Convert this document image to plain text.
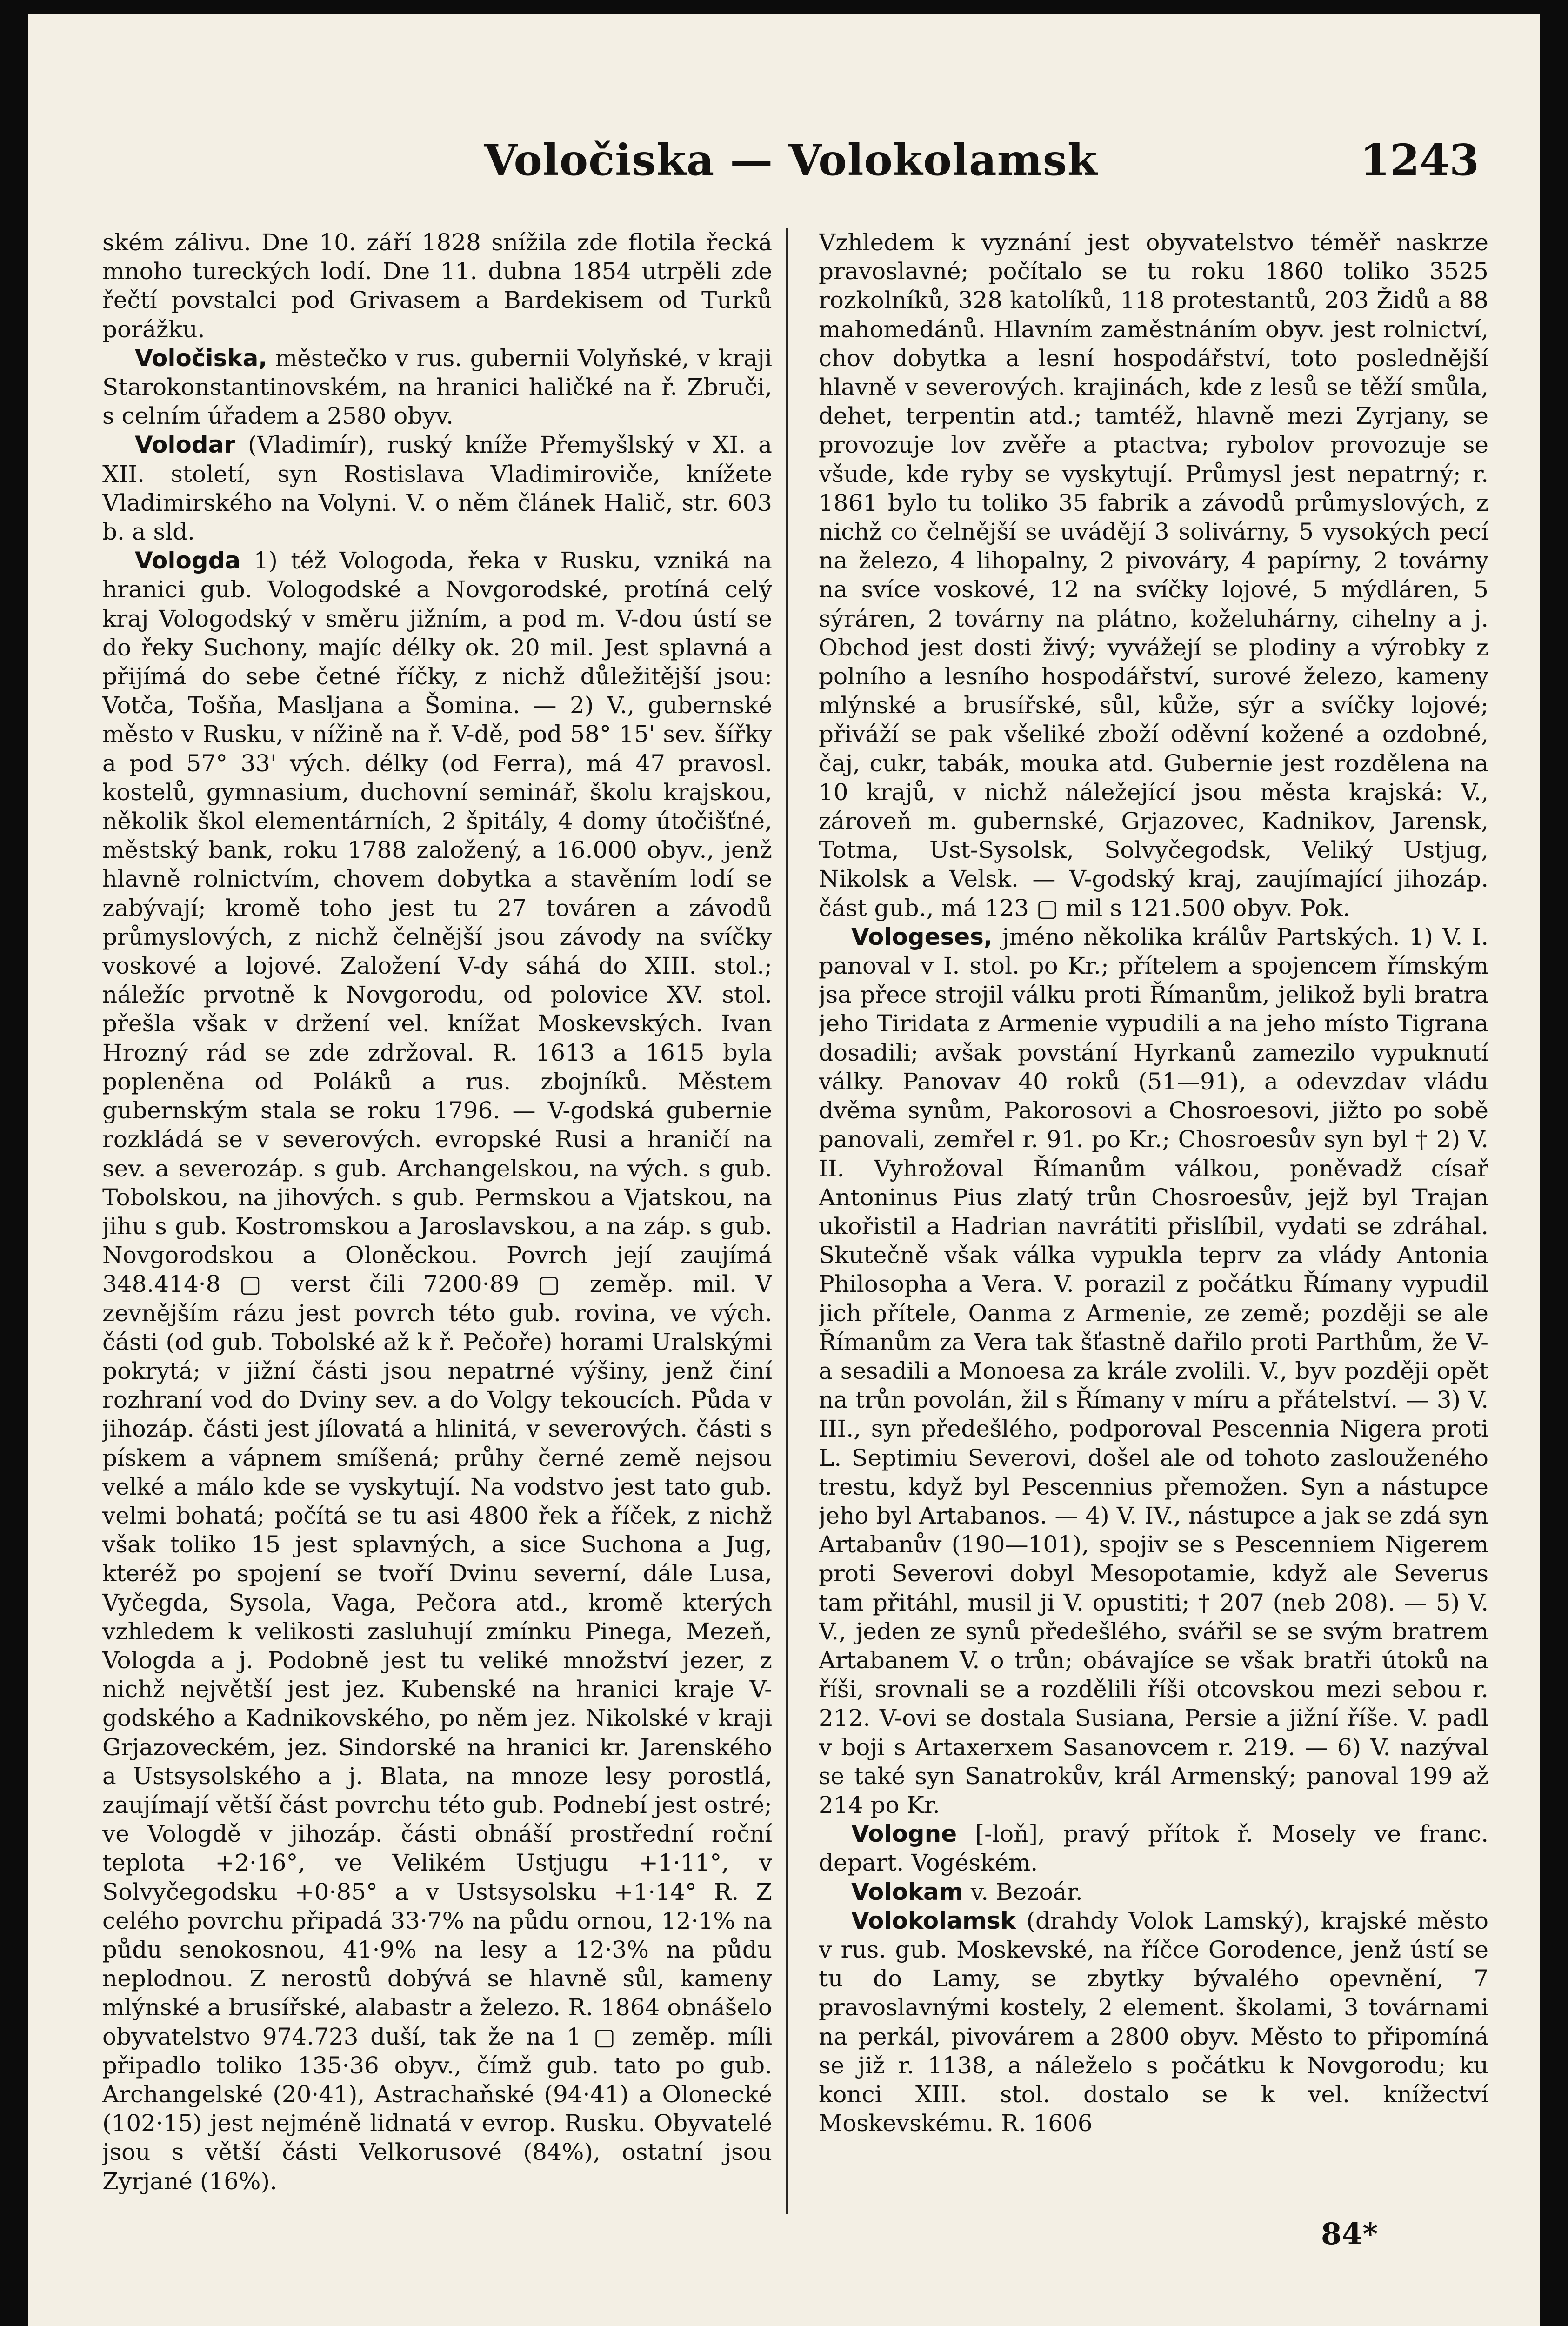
Voločiska — Volokolamsk	1243

ském zálivu. Dne 10. září 1828 snížila zde flotila řecká mnoho tureckých lodí. Dne 11. dubna 1854 utrpěli zde řečtí povstalci pod Grivasem a Bardekisem od Turků porážku.

Voločiska, městečko v rus. gubernii Volyňské, v kraji Starokonstantinovském, na hranici haličké na ř. Zbruči, s celním úřadem a 2580 obyv.

Volodar (Vladimír), ruský kníže Přemyšlský v XI. a XII. století, syn Rostislava Vladimiroviče, knížete Vladimirského na Volyni. V. o něm článek Halič, str. 603 b. a sld.

Vologda 1) též Vologoda, řeka v Rusku, vzniká na hranici gub. Vologodské a Novgorodské, protíná celý kraj Vologodský v směru jižním, a pod m. V-dou ústí se do řeky Suchony, majíc délky ok. 20 mil. Jest splavná a přijímá do sebe četné říčky, z nichž důležitější jsou: Votča, Tošňa, Masljana a Šomina. — 2) V., gubernské město v Rusku, v nížině na ř. V-dě, pod 58° 15' sev. šířky a pod 57° 33' vých. délky (od Ferra), má 47 pravosl. kostelů, gymnasium, duchovní seminář, školu krajskou, několik škol elementárních, 2 špitály, 4 domy útočišťné, městský bank, roku 1788 založený, a 16.000 obyv., jenž hlavně rolnictvím, chovem dobytka a stavěním lodí se zabývají; kromě toho jest tu 27 továren a závodů průmyslových, z nichž čelnější jsou závody na svíčky voskové a lojové. Založení V-dy sáhá do XIII. stol.; náležíc prvotně k Novgorodu, od polovice XV. stol. přešla však v držení vel. knížat Moskevských. Ivan Hrozný rád se zde zdržoval. R. 1613 a 1615 byla popleněna od Poláků a rus. zbojníků. Městem gubernským stala se roku 1796. — V-godská gubernie rozkládá se v severových. evropské Rusi a hraničí na sev. a severozáp. s gub. Archangelskou, na vých. s gub. Tobolskou, na jihových. s gub. Permskou a Vjatskou, na jihu s gub. Kostromskou a Jaroslavskou, a na záp. s gub. Novgorodskou a Oloněckou. Povrch její zaujímá 348.414·8 ▢ verst čili 7200·89 ▢ zeměp. mil. V zevnějším rázu jest povrch této gub. rovina, ve vých. části (od gub. Tobolské až k ř. Pečoře) horami Uralskými pokrytá; v jižní části jsou nepatrné výšiny, jenž činí rozhraní vod do Dviny sev. a do Volgy tekoucích. Půda v jihozáp. části jest jílovatá a hlinitá, v severových. části s pískem a vápnem smíšená; průhy černé země nejsou velké a málo kde se vyskytují. Na vodstvo jest tato gub. velmi bohatá; počítá se tu asi 4800 řek a říček, z nichž však toliko 15 jest splavných, a sice Suchona a Jug, kteréž po spojení se tvoří Dvinu severní, dále Lusa, Vyčegda, Sysola, Vaga, Pečora atd., kromě kterých vzhledem k velikosti zasluhují zmínku Pinega, Mezeň, Vologda a j. Podobně jest tu veliké množství jezer, z nichž největší jest jez. Kubenské na hranici kraje V-godského a Kadnikovského, po něm jez. Nikolské v kraji Grjazoveckém, jez. Sindorské na hranici kr. Jarenského a Ustsysolského a j. Blata, na mnoze lesy porostlá, zaujímají větší část povrchu této gub. Podnebí jest ostré; ve Vologdě v jihozáp. části obnáší prostřední roční teplota +2·16°, ve Velikém Ustjugu +1·11°, v Solvyčegodsku +0·85° a v Ustsysolsku +1·14° R. Z celého povrchu připadá 33·7% na půdu ornou, 12·1% na půdu senokosnou, 41·9% na lesy a 12·3% na půdu neplodnou. Z nerostů dobývá se hlavně sůl, kameny mlýnské a brusířské, alabastr a železo. R. 1864 obnášelo obyvatelstvo 974.723 duší, tak že na 1 ▢ zeměp. míli připadlo toliko 135·36 obyv., čímž gub. tato po gub. Archangelské (20·41), Astrachaňské (94·41) a Olonecké (102·15) jest nejméně lidnatá v evrop. Rusku. Obyvatelé jsou s větší části Velkorusové (84%), ostatní jsou Zyrjané (16%).

Vzhledem k vyznání jest obyvatelstvo téměř naskrze pravoslavné; počítalo se tu roku 1860 toliko 3525 rozkolníků, 328 katolíků, 118 protestantů, 203 Židů a 88 mahomedánů. Hlavním zaměstnáním obyv. jest rolnictví, chov dobytka a lesní hospodářství, toto poslednější hlavně v severových. krajinách, kde z lesů se těží smůla, dehet, terpentin atd.; tamtéž, hlavně mezi Zyrjany, se provozuje lov zvěře a ptactva; rybolov provozuje se všude, kde ryby se vyskytují. Průmysl jest nepatrný; r. 1861 bylo tu toliko 35 fabrik a závodů průmyslových, z nichž co čelnější se uvádějí 3 solivárny, 5 vysokých pecí na železo, 4 lihopalny, 2 pivováry, 4 papírny, 2 továrny na svíce voskové, 12 na svíčky lojové, 5 mýdláren, 5 sýráren, 2 továrny na plátno, koželuhárny, cihelny a j. Obchod jest dosti živý; vyvážejí se plodiny a výrobky z polního a lesního hospodářství, surové železo, kameny mlýnské a brusířské, sůl, kůže, sýr a svíčky lojové; přiváží se pak všeliké zboží oděvní kožené a ozdobné, čaj, cukr, tabák, mouka atd. Gubernie jest rozdělena na 10 krajů, v nichž náležející jsou města krajská: V., zároveň m. gubernské, Grjazovec, Kadnikov, Jarensk, Totma, Ust-Sysolsk, Solvyčegodsk, Veliký Ustjug, Nikolsk a Velsk. — V-godský kraj, zaujímající jihozáp. část gub., má 123 ▢ mil s 121.500 obyv. Pok.

Vologeses, jméno několika králův Partských. 1) V. I. panoval v I. stol. po Kr.; přítelem a spojencem římským jsa přece strojil válku proti Římanům, jelikož byli bratra jeho Tiridata z Armenie vypudili a na jeho místo Tigrana dosadili; avšak povstání Hyrkanů zamezilo vypuknutí války. Panovav 40 roků (51—91), a odevzdav vládu dvěma synům, Pakorosovi a Chosroesovi, jižto po sobě panovali, zemřel r. 91. po Kr.; Chosroesův syn byl † 2) V. II. Vyhrožoval Římanům válkou, poněvadž císař Antoninus Pius zlatý trůn Chosroesův, jejž byl Trajan ukořistil a Hadrian navrátiti přislíbil, vydati se zdráhal. Skutečně však válka vypukla teprv za vlády Antonia Philosopha a Vera. V. porazil z počátku Římany vypudil jich přítele, Oanma z Armenie, ze země; později se ale Římanům za Vera tak šťastně dařilo proti Parthům, že V-a sesadili a Monoesa za krále zvolili. V., byv později opět na trůn povolán, žil s Římany v míru a přátelství. — 3) V. III., syn předešlého, podporoval Pescennia Nigera proti L. Septimiu Severovi, došel ale od tohoto zaslouženého trestu, když byl Pescennius přemožen. Syn a nástupce jeho byl Artabanos. — 4) V. IV., nástupce a jak se zdá syn Artabanův (190—101), spojiv se s Pescenniem Nigerem proti Severovi dobyl Mesopotamie, když ale Severus tam přitáhl, musil ji V. opustiti; † 207 (neb 208). — 5) V. V., jeden ze synů předešlého, svářil se se svým bratrem Artabanem V. o trůn; obávajíce se však bratři útoků na říši, srovnali se a rozdělili říši otcovskou mezi sebou r. 212. V-ovi se dostala Susiana, Persie a jižní říše. V. padl v boji s Artaxerxem Sasanovcem r. 219. — 6) V. nazýval se také syn Sanatrokův, král Armenský; panoval 199 až 214 po Kr.

Vologne [-loň], pravý přítok ř. Mosely ve franc. depart. Vogéském.

Volokam v. Bezoár.

Volokolamsk (drahdy Volok Lamský), krajské město v rus. gub. Moskevské, na říčce Gorodence, jenž ústí se tu do Lamy, se zbytky bývalého opevnění, 7 pravoslavnými kostely, 2 element. školami, 3 továrnami na perkál, pivovárem a 2800 obyv. Město to připomíná se již r. 1138, a náleželo s počátku k Novgorodu; ku konci XIII. stol. dostalo se k vel. knížectví Moskevskému. R. 1606

84*
